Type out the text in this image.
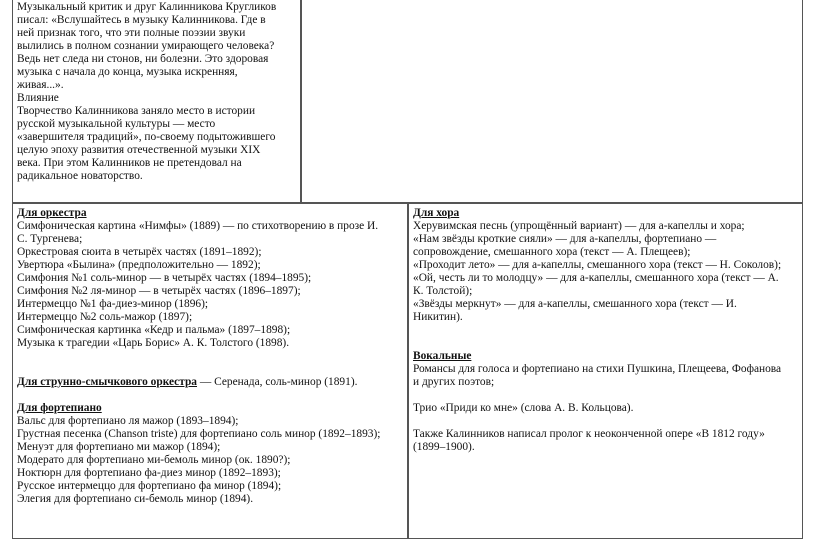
Музыкальный критик и друг Калинникова Кругликов
писал: «Вслушайтесь в музыку Калинникова. Где в
ней признак того, что эти полные поэзии звуки
вылились в полном сознании умирающего человека?
Ведь нет следа ни стонов, ни болезни. Это здоровая
музыка с начала до конца, музыка искренняя,
живая...».
Влияние
Творчество Калинникова заняло место в истории
русской музыкальной культуры — место
«завершителя традиций», по-своему подытожившего
целую эпоху развития отечественной музыки XIX
века. При этом Калинников не претендовал на
радикальное новаторство.
Для оркестра
Симфоническая картина «Нимфы» (1889) — по стихотворению в прозе И.
С. Тургенева;
Оркестровая сюита в четырёх частях (1891–1892);
Увертюра «Былина» (предположительно — 1892);
Симфония №1 соль-минор — в четырёх частях (1894–1895);
Симфония №2 ля-минор — в четырёх частях (1896–1897);
Интермеццо №1 фа-диез-минор (1896);
Интермеццо №2 соль-мажор (1897);
Симфоническая картинка «Кедр и пальма» (1897–1898);
Музыка к трагедии «Царь Борис» А. К. Толстого (1898).
Для струнно-смычкового оркестра — Серенада, соль-минор (1891).
Для фортепиано
Вальс для фортепиано ля мажор (1893–1894);
Грустная песенка (Chanson triste) для фортепиано соль минор (1892–1893);
Менуэт для фортепиано ми мажор (1894);
Модерато для фортепиано ми-бемоль минор (ок. 1890?);
Ноктюрн для фортепиано фа-диез минор (1892–1893);
Русское интермеццо для фортепиано фа минор (1894);
Элегия для фортепиано си-бемоль минор (1894).
Для хора
Херувимская песнь (упрощённый вариант) — для а-капеллы и хора;
«Нам звёзды кроткие сияли» — для а-капеллы, фортепиано —
сопровождение, смешанного хора (текст — А. Плещеев);
«Проходит лето» — для а-капеллы, смешанного хора (текст — Н. Соколов);
«Ой, честь ли то молодцу» — для а-капеллы, смешанного хора (текст — А.
К. Толстой);
«Звёзды меркнут» — для а-капеллы, смешанного хора (текст — И.
Никитин).
Вокальные
Романсы для голоса и фортепиано на стихи Пушкина, Плещеева, Фофанова
и других поэтов;
Трио «Приди ко мне» (слова А. В. Кольцова).
Также Калинников написал пролог к неоконченной опере «В 1812 году»
(1899–1900).
